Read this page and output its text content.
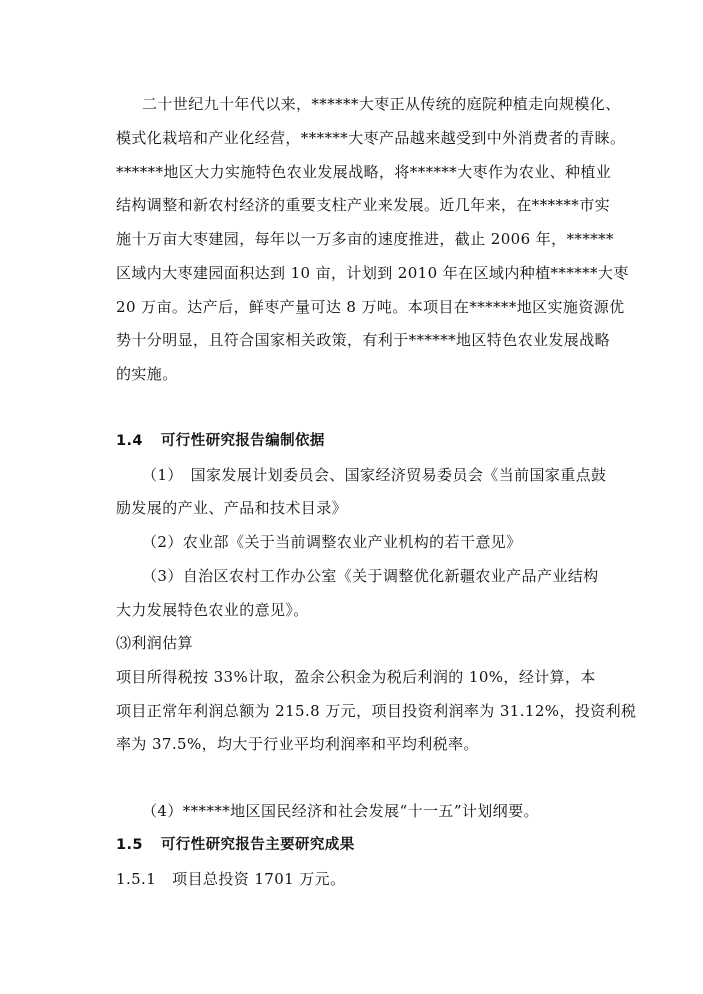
二十世纪九十年代以来，******大枣正从传统的庭院种植走向规模化、
模式化栽培和产业化经营，******大枣产品越来越受到中外消费者的青睐。
******地区大力实施特色农业发展战略，将******大枣作为农业、种植业
结构调整和新农村经济的重要支柱产业来发展。近几年来，在******市实
施十万亩大枣建园，每年以一万多亩的速度推进，截止 2006 年，******
区域内大枣建园面积达到 10 亩，计划到 2010 年在区域内种植******大枣
20 万亩。达产后，鲜枣产量可达 8 万吨。本项目在******地区实施资源优
势十分明显，且符合国家相关政策，有利于******地区特色农业发展战略
的实施。
1.4 可行性研究报告编制依据
（1）　国家发展计划委员会、国家经济贸易委员会《当前国家重点鼓
励发展的产业、产品和技术目录》
（2）农业部《关于当前调整农业产业机构的若干意见》
（3）自治区农村工作办公室《关于调整优化新疆农业产品产业结构
大力发展特色农业的意见》。
⑶利润估算
项目所得税按 33%计取，盈余公积金为税后利润的 10%，经计算，本
项目正常年利润总额为 215.8 万元，项目投资利润率为 31.12%，投资利税
率为 37.5%，均大于行业平均利润率和平均利税率。
（4）******地区国民经济和社会发展“十一五”计划纲要。
1.5 可行性研究报告主要研究成果
1.5.1 项目总投资 1701 万元。
